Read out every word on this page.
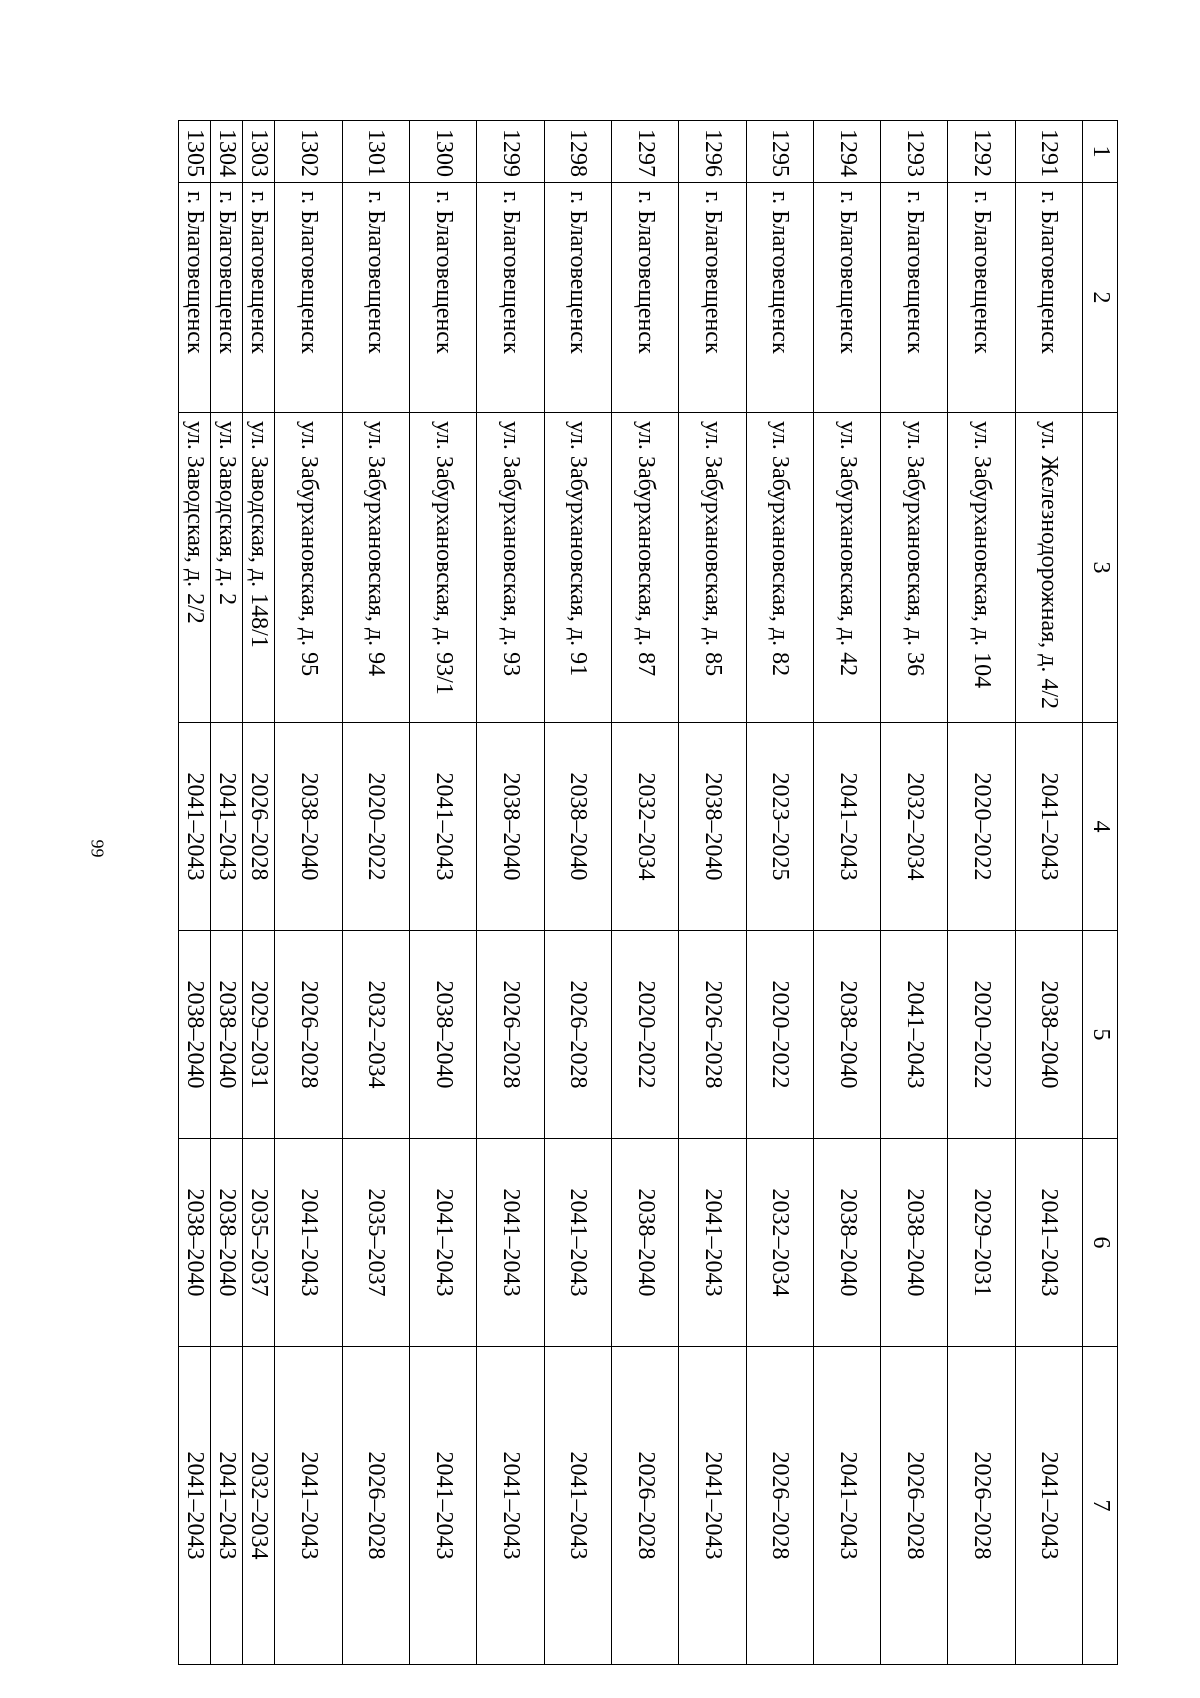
99
1	2	3	4	5	6	7
1291	г. Благовещенск	ул. Железнодорожная, д. 4/2	2041–2043	2038–2040	2041–2043	2041–2043
1292	г. Благовещенск	ул. Забурхановская, д. 104	2020–2022	2020–2022	2029–2031	2026–2028
1293	г. Благовещенск	ул. Забурхановская, д. 36	2032–2034	2041–2043	2038–2040	2026–2028
1294	г. Благовещенск	ул. Забурхановская, д. 42	2041–2043	2038–2040	2038–2040	2041–2043
1295	г. Благовещенск	ул. Забурхановская, д. 82	2023–2025	2020–2022	2032–2034	2026–2028
1296	г. Благовещенск	ул. Забурхановская, д. 85	2038–2040	2026–2028	2041–2043	2041–2043
1297	г. Благовещенск	ул. Забурхановская, д. 87	2032–2034	2020–2022	2038–2040	2026–2028
1298	г. Благовещенск	ул. Забурхановская, д. 91	2038–2040	2026–2028	2041–2043	2041–2043
1299	г. Благовещенск	ул. Забурхановская, д. 93	2038–2040	2026–2028	2041–2043	2041–2043
1300	г. Благовещенск	ул. Забурхановская, д. 93/1	2041–2043	2038–2040	2041–2043	2041–2043
1301	г. Благовещенск	ул. Забурхановская, д. 94	2020–2022	2032–2034	2035–2037	2026–2028
1302	г. Благовещенск	ул. Забурхановская, д. 95	2038–2040	2026–2028	2041–2043	2041–2043
1303	г. Благовещенск	ул. Заводская, д. 148/1	2026–2028	2029–2031	2035–2037	2032–2034
1304	г. Благовещенск	ул. Заводская, д. 2	2041–2043	2038–2040	2038–2040	2041–2043
1305	г. Благовещенск	ул. Заводская, д. 2/2	2041–2043	2038–2040	2038–2040	2041–2043
